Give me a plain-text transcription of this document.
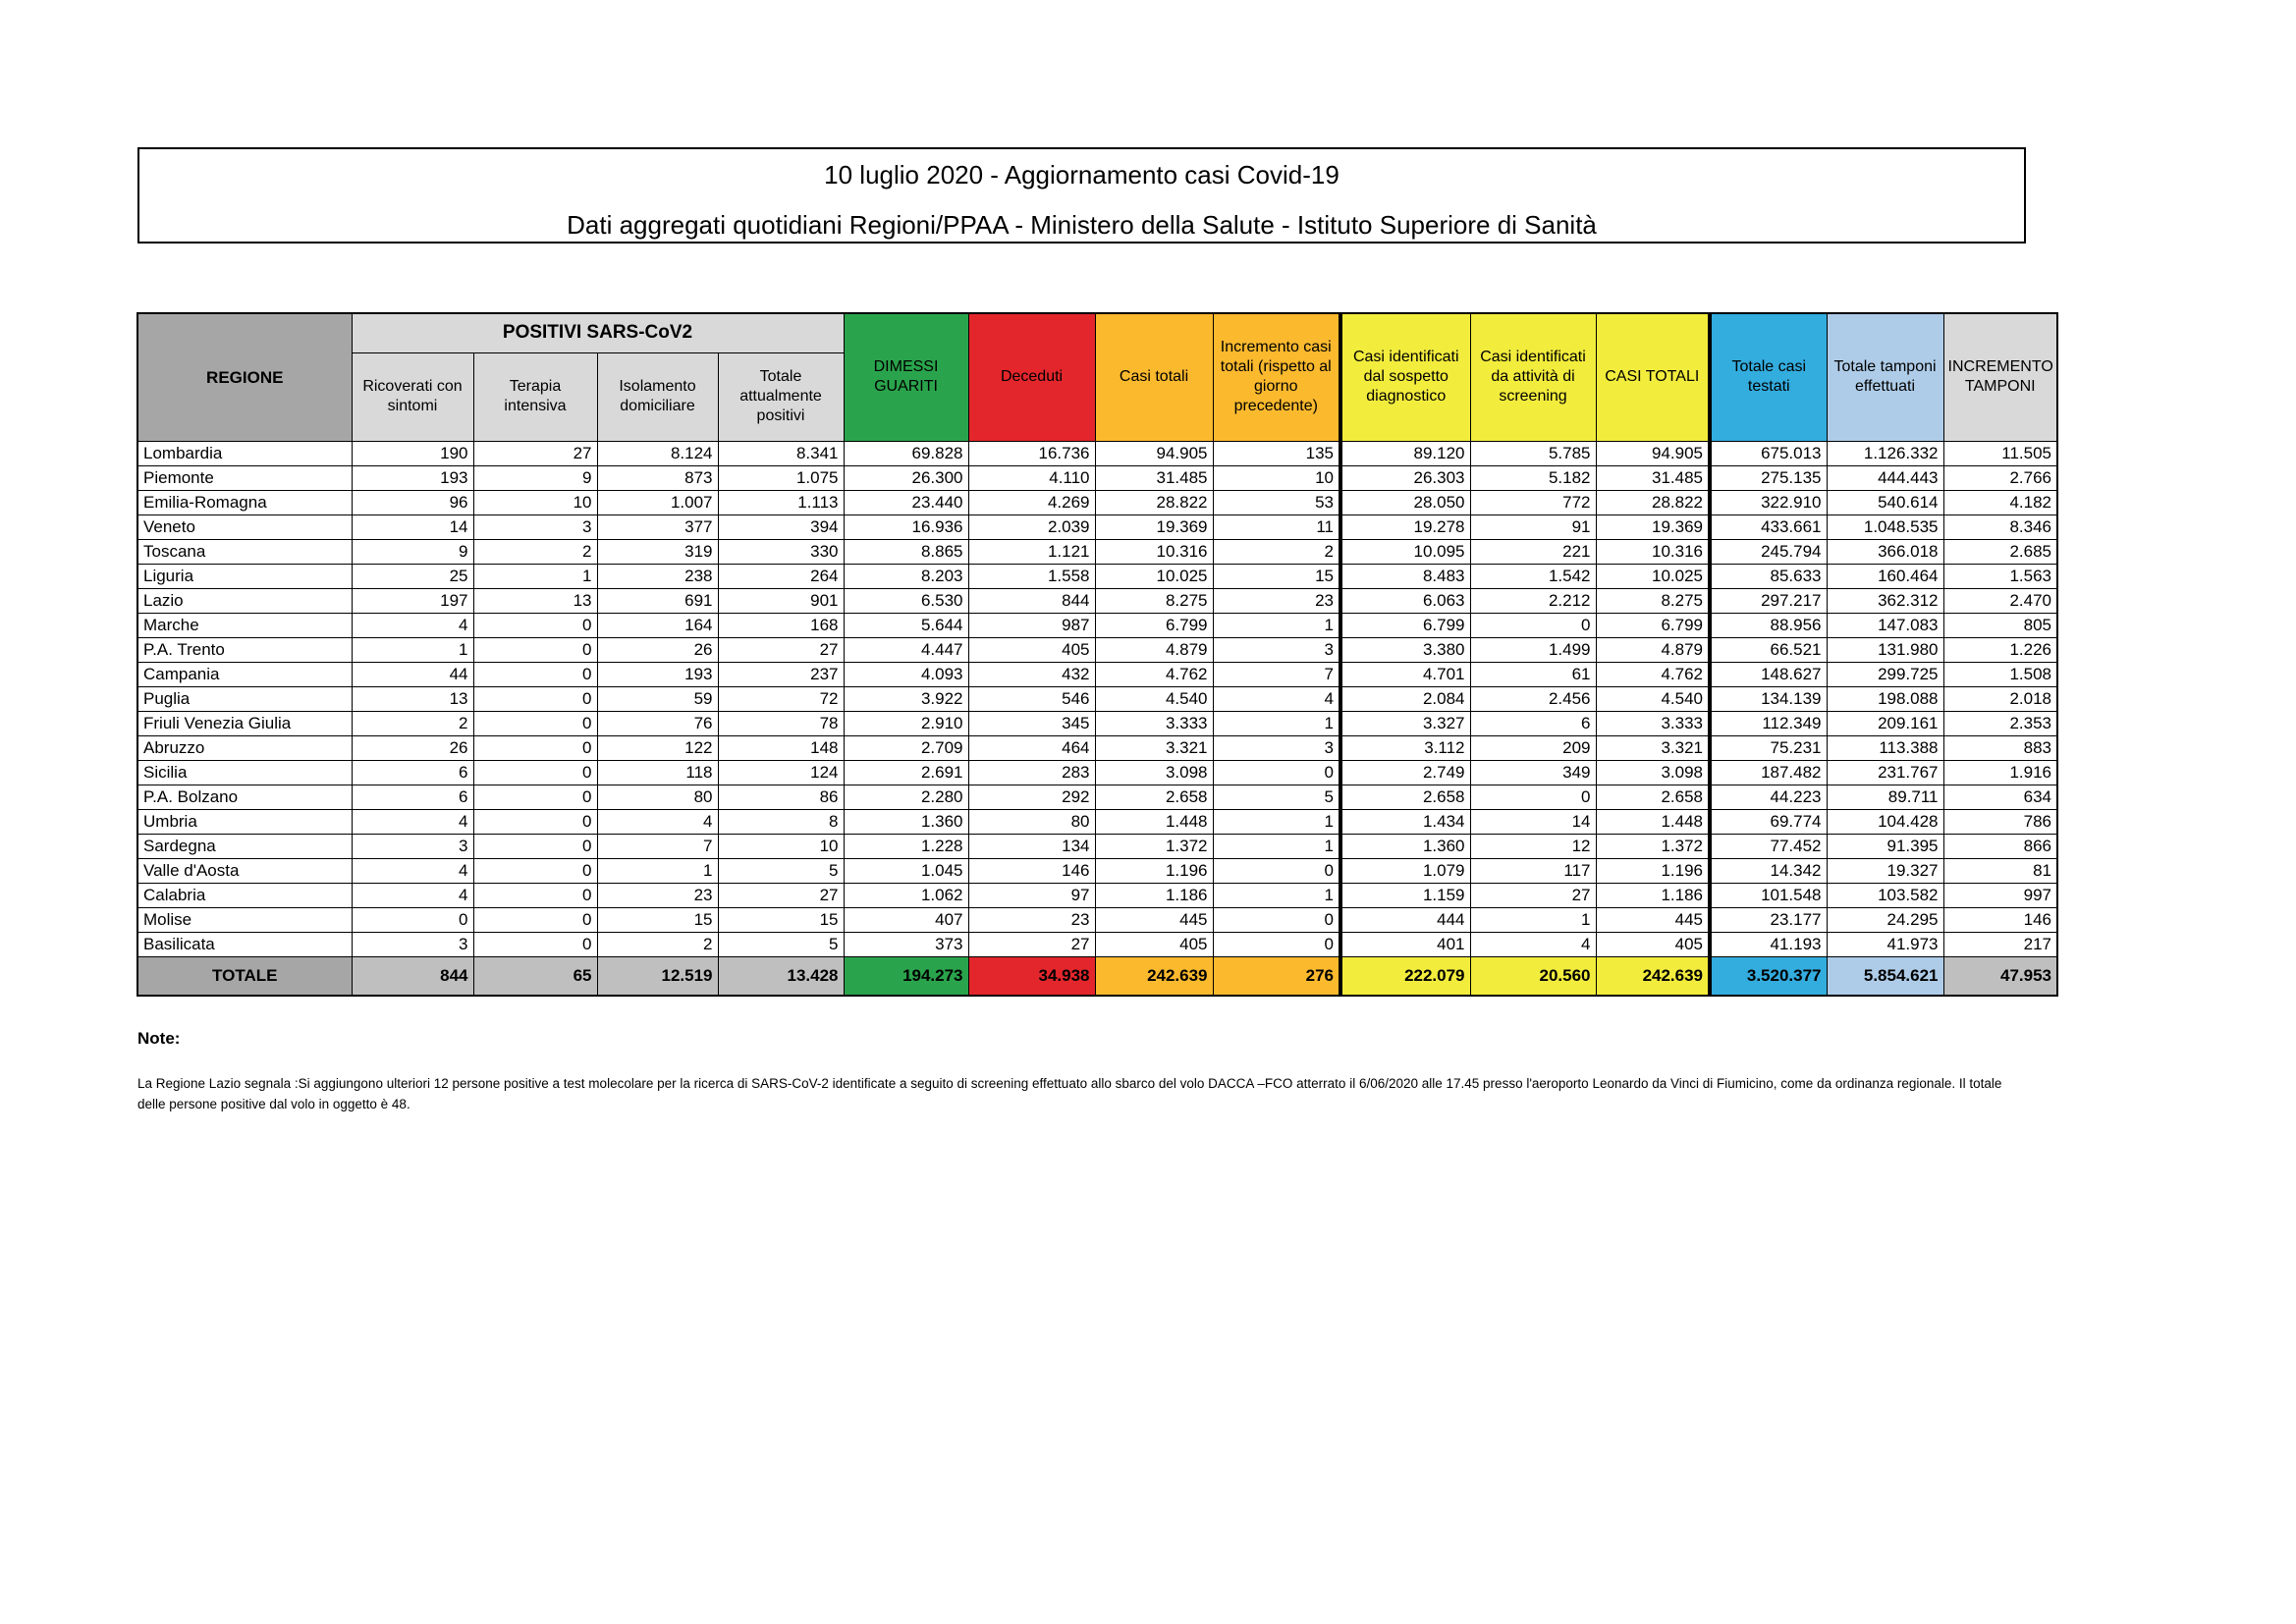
10 luglio 2020 - Aggiornamento casi Covid-19
Dati aggregati quotidiani Regioni/PPAA - Ministero della Salute - Istituto Superiore di Sanità
REGIONE	POSITIVI SARS-CoV2				DIMESSI GUARITI	Deceduti	Casi totali	Incremento casi totali (rispetto al giorno precedente)	Casi identificati dal sospetto diagnostico	Casi identificati da attività di screening	CASI TOTALI	Totale casi testati	Totale tamponi effettuati	INCREMENTO TAMPONI
	Ricoverati con sintomi	Terapia intensiva	Isolamento domiciliare	Totale attualmente positivi										
Lombardia	190	27	8.124	8.341	69.828	16.736	94.905	135	89.120	5.785	94.905	675.013	1.126.332	11.505
Piemonte	193	9	873	1.075	26.300	4.110	31.485	10	26.303	5.182	31.485	275.135	444.443	2.766
Emilia-Romagna	96	10	1.007	1.113	23.440	4.269	28.822	53	28.050	772	28.822	322.910	540.614	4.182
Veneto	14	3	377	394	16.936	2.039	19.369	11	19.278	91	19.369	433.661	1.048.535	8.346
Toscana	9	2	319	330	8.865	1.121	10.316	2	10.095	221	10.316	245.794	366.018	2.685
Liguria	25	1	238	264	8.203	1.558	10.025	15	8.483	1.542	10.025	85.633	160.464	1.563
Lazio	197	13	691	901	6.530	844	8.275	23	6.063	2.212	8.275	297.217	362.312	2.470
Marche	4	0	164	168	5.644	987	6.799	1	6.799	0	6.799	88.956	147.083	805
P.A. Trento	1	0	26	27	4.447	405	4.879	3	3.380	1.499	4.879	66.521	131.980	1.226
Campania	44	0	193	237	4.093	432	4.762	7	4.701	61	4.762	148.627	299.725	1.508
Puglia	13	0	59	72	3.922	546	4.540	4	2.084	2.456	4.540	134.139	198.088	2.018
Friuli Venezia Giulia	2	0	76	78	2.910	345	3.333	1	3.327	6	3.333	112.349	209.161	2.353
Abruzzo	26	0	122	148	2.709	464	3.321	3	3.112	209	3.321	75.231	113.388	883
Sicilia	6	0	118	124	2.691	283	3.098	0	2.749	349	3.098	187.482	231.767	1.916
P.A. Bolzano	6	0	80	86	2.280	292	2.658	5	2.658	0	2.658	44.223	89.711	634
Umbria	4	0	4	8	1.360	80	1.448	1	1.434	14	1.448	69.774	104.428	786
Sardegna	3	0	7	10	1.228	134	1.372	1	1.360	12	1.372	77.452	91.395	866
Valle d'Aosta	4	0	1	5	1.045	146	1.196	0	1.079	117	1.196	14.342	19.327	81
Calabria	4	0	23	27	1.062	97	1.186	1	1.159	27	1.186	101.548	103.582	997
Molise	0	0	15	15	407	23	445	0	444	1	445	23.177	24.295	146
Basilicata	3	0	2	5	373	27	405	0	401	4	405	41.193	41.973	217
TOTALE	844	65	12.519	13.428	194.273	34.938	242.639	276	222.079	20.560	242.639	3.520.377	5.854.621	47.953
Note:
La Regione Lazio segnala :Si aggiungono ulteriori 12 persone positive a test molecolare per la ricerca di SARS-CoV-2 identificate a seguito di screening effettuato allo sbarco del volo DACCA –FCO atterrato il 6/06/2020 alle 17.45 presso l'aeroporto Leonardo da Vinci di Fiumicino, come da ordinanza regionale. Il totale delle persone positive dal volo in oggetto è 48.
